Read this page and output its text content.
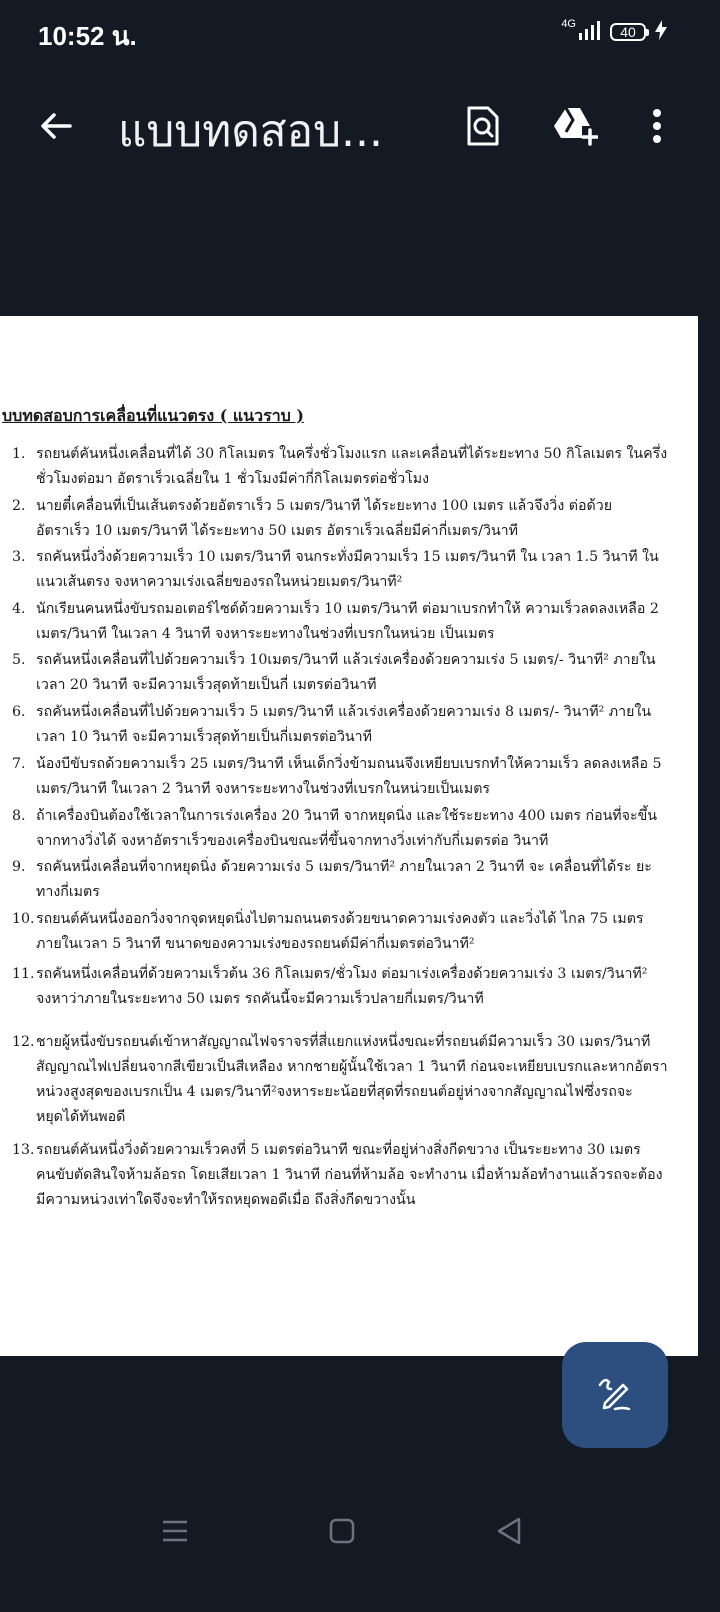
10:52 น.	4G	40
แบบทดสอบ...
บบทดสอบการเคลื่อนที่แนวตรง ( แนวราบ )
1. รถยนต์คันหนึ่งเคลื่อนที่ได้ 30 กิโลเมตร ในครึ่งชั่วโมงแรก และเคลื่อนที่ได้ระยะทาง 50 กิโลเมตร ในครึ่ง
ชั่วโมงต่อมา อัตราเร็วเฉลี่ยใน 1 ชั่วโมงมีค่ากี่กิโลเมตรต่อชั่วโมง
2. นายตี๋เคลื่อนที่เป็นเส้นตรงด้วยอัตราเร็ว 5 เมตร/วินาที ได้ระยะทาง 100 เมตร แล้วจึงวิ่ง ต่อด้วย
อัตราเร็ว 10 เมตร/วินาที ได้ระยะทาง 50 เมตร อัตราเร็วเฉลี่ยมีค่ากี่เมตร/วินาที
3. รถคันหนึ่งวิ่งด้วยความเร็ว 10 เมตร/วินาที จนกระทั่งมีความเร็ว 15 เมตร/วินาที ใน เวลา 1.5 วินาที ใน
แนวเส้นตรง จงหาความเร่งเฉลี่ยของรถในหน่วยเมตร/วินาที²
4. นักเรียนคนหนึ่งขับรถมอเตอร์ไซด์ด้วยความเร็ว 10 เมตร/วินาที ต่อมาเบรกทำให้ ความเร็วลดลงเหลือ 2
เมตร/วินาที ในเวลา 4 วินาที จงหาระยะทางในช่วงที่เบรกในหน่วย เป็นเมตร
5. รถคันหนึ่งเคลื่อนที่ไปด้วยความเร็ว 10เมตร/วินาที แล้วเร่งเครื่องด้วยความเร่ง 5 เมตร/- วินาที² ภายใน
เวลา 20 วินาที จะมีความเร็วสุดท้ายเป็นกี่ เมตรต่อวินาที
6. รถคันหนึ่งเคลื่อนที่ไปด้วยความเร็ว 5 เมตร/วินาที แล้วเร่งเครื่องด้วยความเร่ง 8 เมตร/- วินาที² ภายใน
เวลา 10 วินาที จะมีความเร็วสุดท้ายเป็นกี่เมตรต่อวินาที
7. น้องบีขับรถด้วยความเร็ว 25 เมตร/วินาที เห็นเด็กวิ่งข้ามถนนจึงเหยียบเบรกทำให้ความเร็ว ลดลงเหลือ 5
เมตร/วินาที ในเวลา 2 วินาที จงหาระยะทางในช่วงที่เบรกในหน่วยเป็นเมตร
8. ถ้าเครื่องบินต้องใช้เวลาในการเร่งเครื่อง 20 วินาที จากหยุดนิ่ง และใช้ระยะทาง 400 เมตร ก่อนที่จะขึ้น
จากทางวิ่งได้ จงหาอัตราเร็วของเครื่องบินขณะที่ขึ้นจากทางวิ่งเท่ากับกี่เมตรต่อ วินาที
9. รถคันหนึ่งเคลื่อนที่จากหยุดนิ่ง ด้วยความเร่ง 5 เมตร/วินาที² ภายในเวลา 2 วินาที จะ เคลื่อนที่ได้ระ ยะ
ทางกี่เมตร
10. รถยนต์คันหนึ่งออกวิ่งจากจุดหยุดนิ่งไปตามถนนตรงด้วยขนาดความเร่งคงตัว และวิ่งได้ ไกล 75 เมตร
ภายในเวลา 5 วินาที ขนาดของความเร่งของรถยนต์มีค่ากี่เมตรต่อวินาที²
11. รถคันหนึ่งเคลื่อนที่ด้วยความเร็วต้น 36 กิโลเมตร/ชั่วโมง ต่อมาเร่งเครื่องด้วยความเร่ง 3 เมตร/วินาที²
จงหาว่าภายในระยะทาง 50 เมตร รถคันนี้จะมีความเร็วปลายกี่เมตร/วินาที
12. ชายผู้หนึ่งขับรถยนต์เข้าหาสัญญาณไฟจราจรที่สี่แยกแห่งหนึ่งขณะที่รถยนต์มีความเร็ว 30 เมตร/วินาที
สัญญาณไฟเปลี่ยนจากสีเขียวเป็นสีเหลือง หากชายผู้นั้นใช้เวลา 1 วินาที ก่อนจะเหยียบเบรกและหากอัตรา
หน่วงสูงสุดของเบรกเป็น 4 เมตร/วินาที²จงหาระยะน้อยที่สุดที่รถยนต์อยู่ห่างจากสัญญาณไฟซึ่งรถจะ
หยุดได้ทันพอดี
13. รถยนต์คันหนึ่งวิ่งด้วยความเร็วคงที่ 5 เมตรต่อวินาที ขณะที่อยู่ห่างสิ่งกีดขวาง เป็นระยะทาง 30 เมตร
คนขับตัดสินใจห้ามล้อรถ โดยเสียเวลา 1 วินาที ก่อนที่ห้ามล้อ จะทำงาน เมื่อห้ามล้อทำงานแล้วรถจะต้อง
มีความหน่วงเท่าใดจึงจะทำให้รถหยุดพอดีเมื่อ ถึงสิ่งกีดขวางนั้น
